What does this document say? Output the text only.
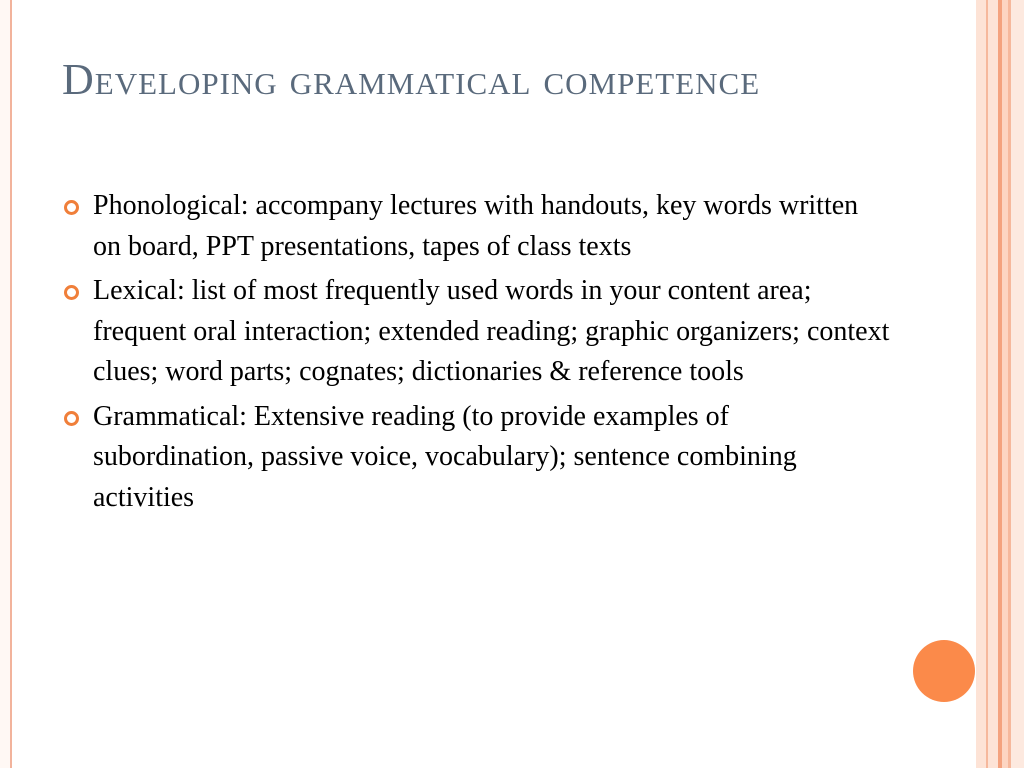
Developing grammatical competence
Phonological: accompany lectures with handouts, key words written on board, PPT presentations, tapes of class texts
Lexical: list of most frequently used words in your content area; frequent oral interaction; extended reading; graphic organizers; context clues; word parts; cognates; dictionaries & reference tools
Grammatical: Extensive reading (to provide examples of subordination, passive voice, vocabulary); sentence combining activities
